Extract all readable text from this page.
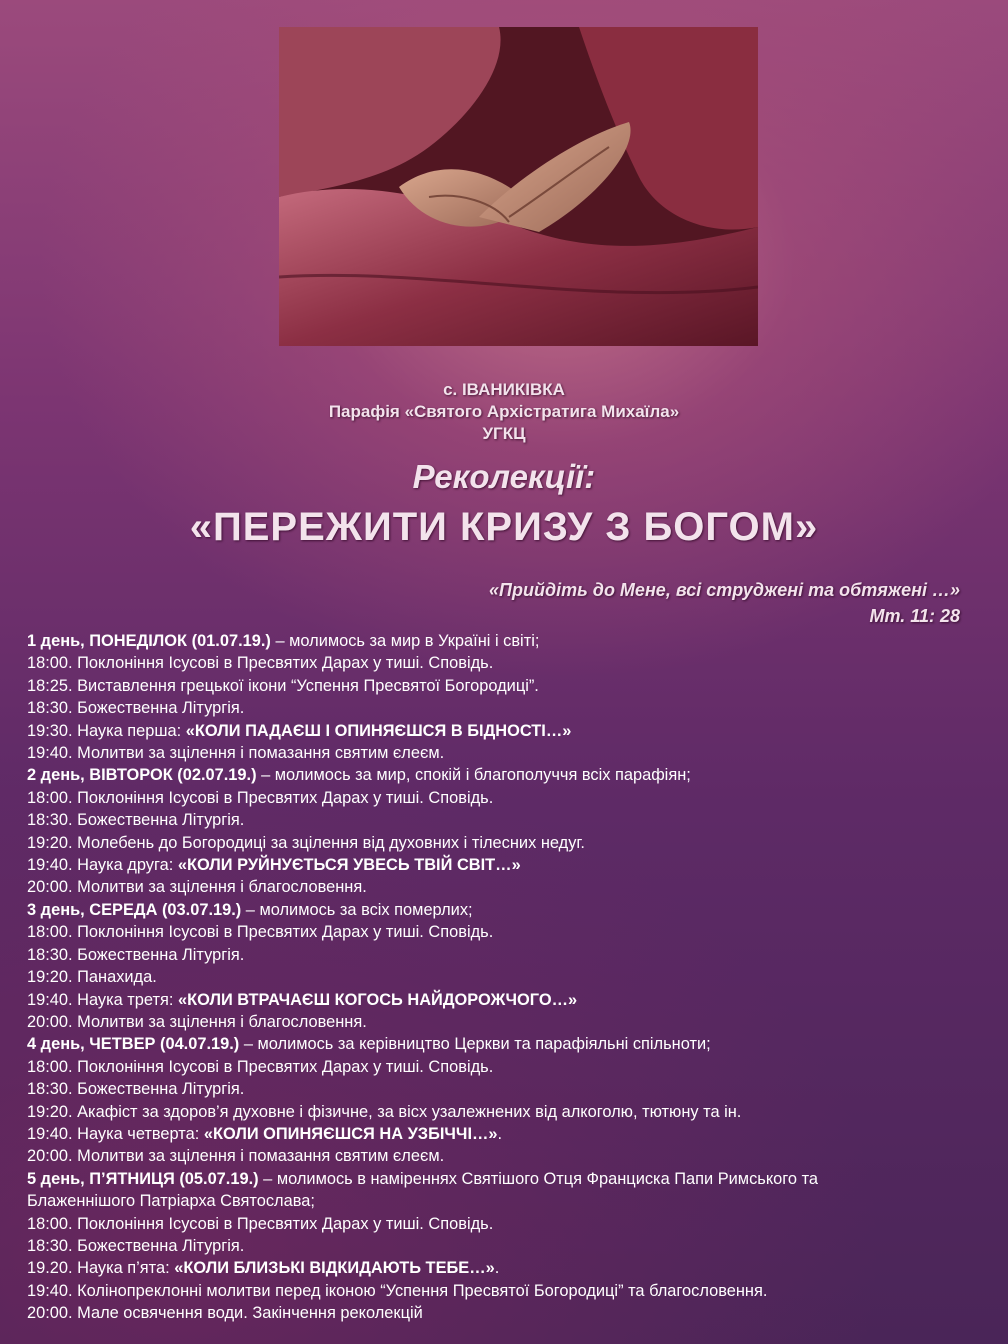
с. ІВАНИКІВКА
Парафія «Святого Архістратига Михаїла»
УГКЦ
Реколекції:
«ПЕРЕЖИТИ КРИЗУ З БОГОМ»
«Прийдіть до Мене, всі струджені та обтяжені …»
Мт. 11: 28
1 день, ПОНЕДІЛОК (01.07.19.) – молимось за мир в Україні і світі;
18:00. Поклоніння Ісусові в Пресвятих Дарах у тиші. Сповідь.
18:25. Виставлення грецької ікони “Успення Пресвятої Богородиці”.
18:30. Божественна Літургія.
19:30. Наука перша: «КОЛИ ПАДАЄШ І ОПИНЯЄШСЯ В БІДНОСТІ…»
19:40. Молитви за зцілення і помазання святим єлеєм.
2 день, ВІВТОРОК (02.07.19.) – молимось за мир, спокій і благополуччя всіх парафіян;
18:00. Поклоніння Ісусові в Пресвятих Дарах у тиші. Сповідь.
18:30. Божественна Літургія.
19:20. Молебень до Богородиці за зцілення від духовних і тілесних недуг.
19:40. Наука друга: «КОЛИ РУЙНУЄТЬСЯ УВЕСЬ ТВІЙ СВІТ…»
20:00. Молитви за зцілення і благословення.
3 день, СЕРЕДА (03.07.19.) – молимось за всіх померлих;
18:00. Поклоніння Ісусові в Пресвятих Дарах у тиші. Сповідь.
18:30. Божественна Літургія.
19:20. Панахида.
19:40. Наука третя: «КОЛИ ВТРАЧАЄШ КОГОСЬ НАЙДОРОЖЧОГО…»
20:00. Молитви за зцілення і благословення.
4 день, ЧЕТВЕР (04.07.19.) – молимось за керівництво Церкви та парафіяльні спільноти;
18:00. Поклоніння Ісусові в Пресвятих Дарах у тиші. Сповідь.
18:30. Божественна Літургія.
19:20. Акафіст за здоров’я духовне і фізичне, за віcх узалежнених від алкоголю, тютюну та ін.
19:40. Наука четверта: «КОЛИ ОПИНЯЄШСЯ НА УЗБІЧЧІ…».
20:00. Молитви за зцілення і помазання святим єлеєм.
5 день, П’ЯТНИЦЯ (05.07.19.) – молимось в наміреннях Святішого Отця Франциска Папи Римського та
Блаженнішого Патріарха Святослава;
18:00. Поклоніння Ісусові в Пресвятих Дарах у тиші. Сповідь.
18:30. Божественна Літургія.
19.20. Наука п’ята: «КОЛИ БЛИЗЬКІ ВІДКИДАЮТЬ ТЕБЕ…».
19:40. Колінопреклонні молитви перед іконою “Успення Пресвятої Богородиці” та благословення.
20:00. Мале освячення води. Закінчення реколекцій
